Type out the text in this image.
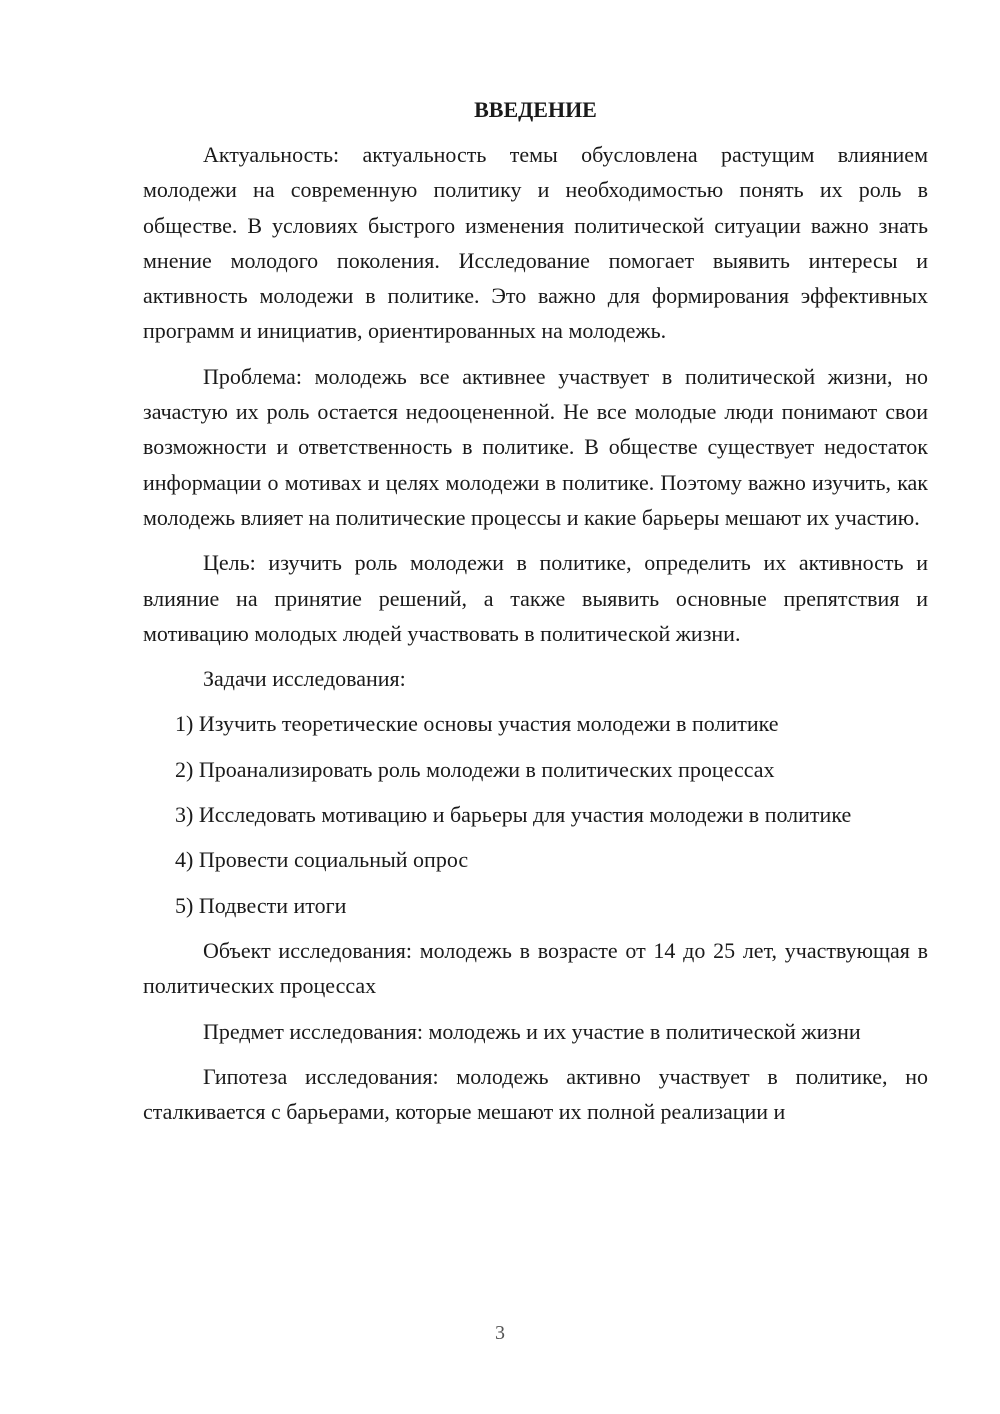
ВВЕДЕНИЕ

Актуальность: актуальность темы обусловлена растущим влиянием молодежи на современную политику и необходимостью понять их роль в обществе. В условиях быстрого изменения политической ситуации важно знать мнение молодого поколения. Исследование помогает выявить интересы и активность молодежи в политике. Это важно для формирования эффективных программ и инициатив, ориентированных на молодежь.

Проблема: молодежь все активнее участвует в политической жизни, но зачастую их роль остается недооцененной. Не все молодые люди понимают свои возможности и ответственность в политике. В обществе существует недостаток информации о мотивах и целях молодежи в политике. Поэтому важно изучить, как молодежь влияет на политические процессы и какие барьеры мешают их участию.

Цель: изучить роль молодежи в политике, определить их активность и влияние на принятие решений, а также выявить основные препятствия и мотивацию молодых людей участвовать в политической жизни.

Задачи исследования:

1) Изучить теоретические основы участия молодежи в политике

2) Проанализировать роль молодежи в политических процессах

3) Исследовать мотивацию и барьеры для участия молодежи в политике

4) Провести социальный опрос

5) Подвести итоги

Объект исследования: молодежь в возрасте от 14 до 25 лет, участвующая в политических процессах

Предмет исследования: молодежь и их участие в политической жизни

Гипотеза исследования: молодежь активно участвует в политике, но сталкивается с барьерами, которые мешают их полной реализации и

3
